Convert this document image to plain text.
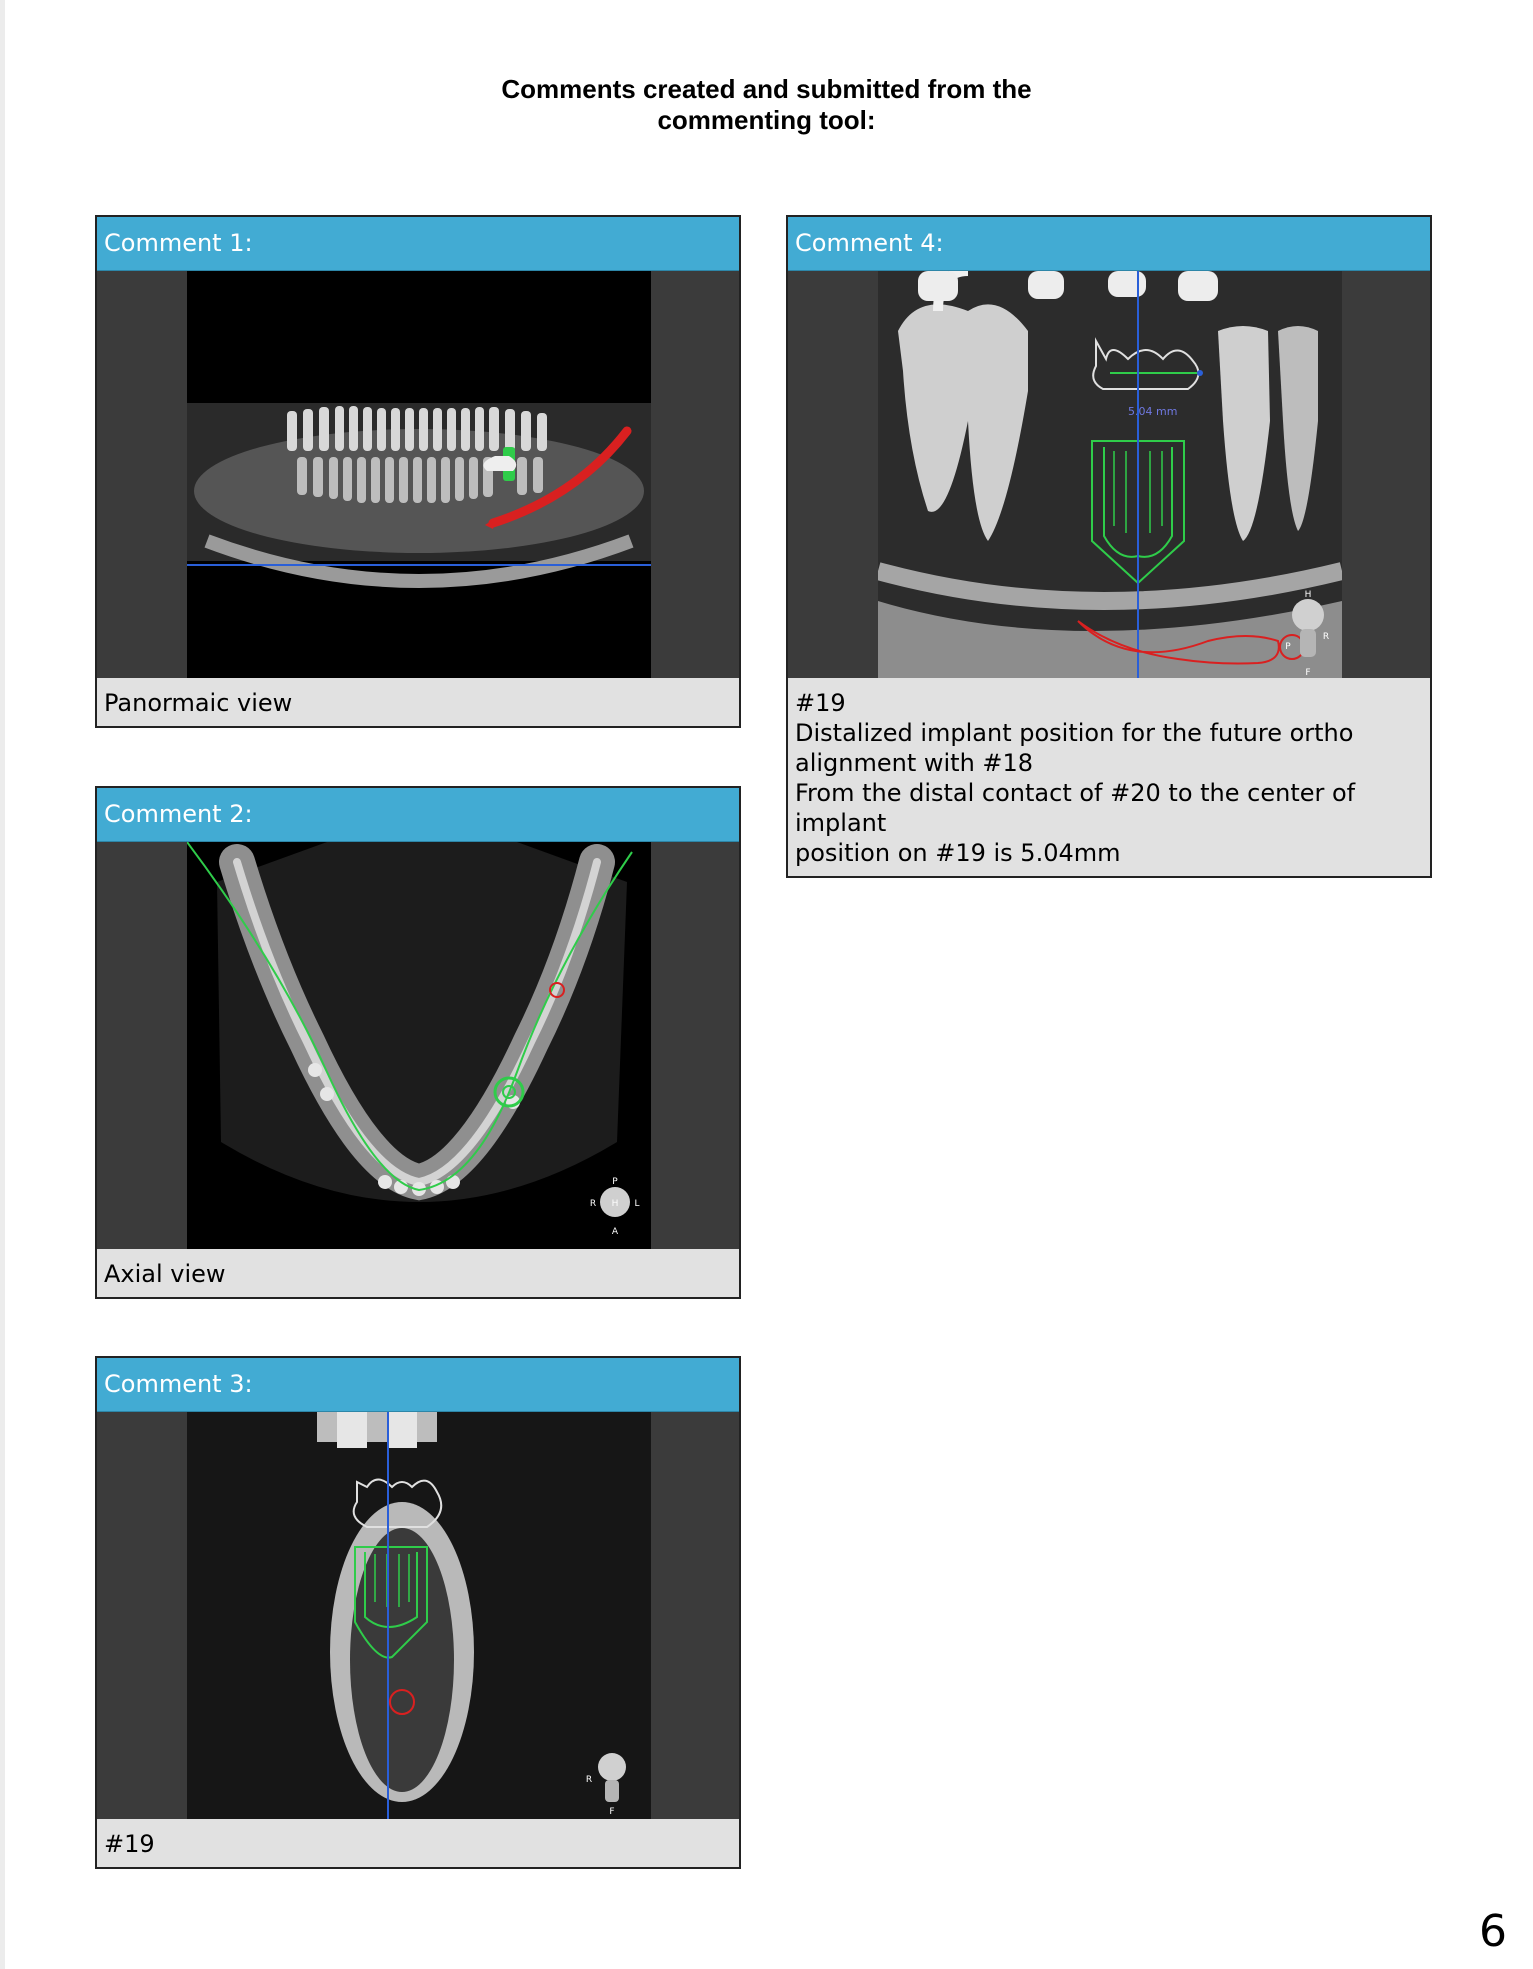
Comments created and submitted from the
commenting tool:
Comment 1:
Panormaic view
Comment 2:
P
R H L
A
Axial view
Comment 3:
R
F
#19
Comment 4:
5.04 mm
H
P
R
F
#19
Distalized implant position for the future ortho
alignment with #18
From the distal contact of #20 to the center of implant
position on #19 is 5.04mm
6
